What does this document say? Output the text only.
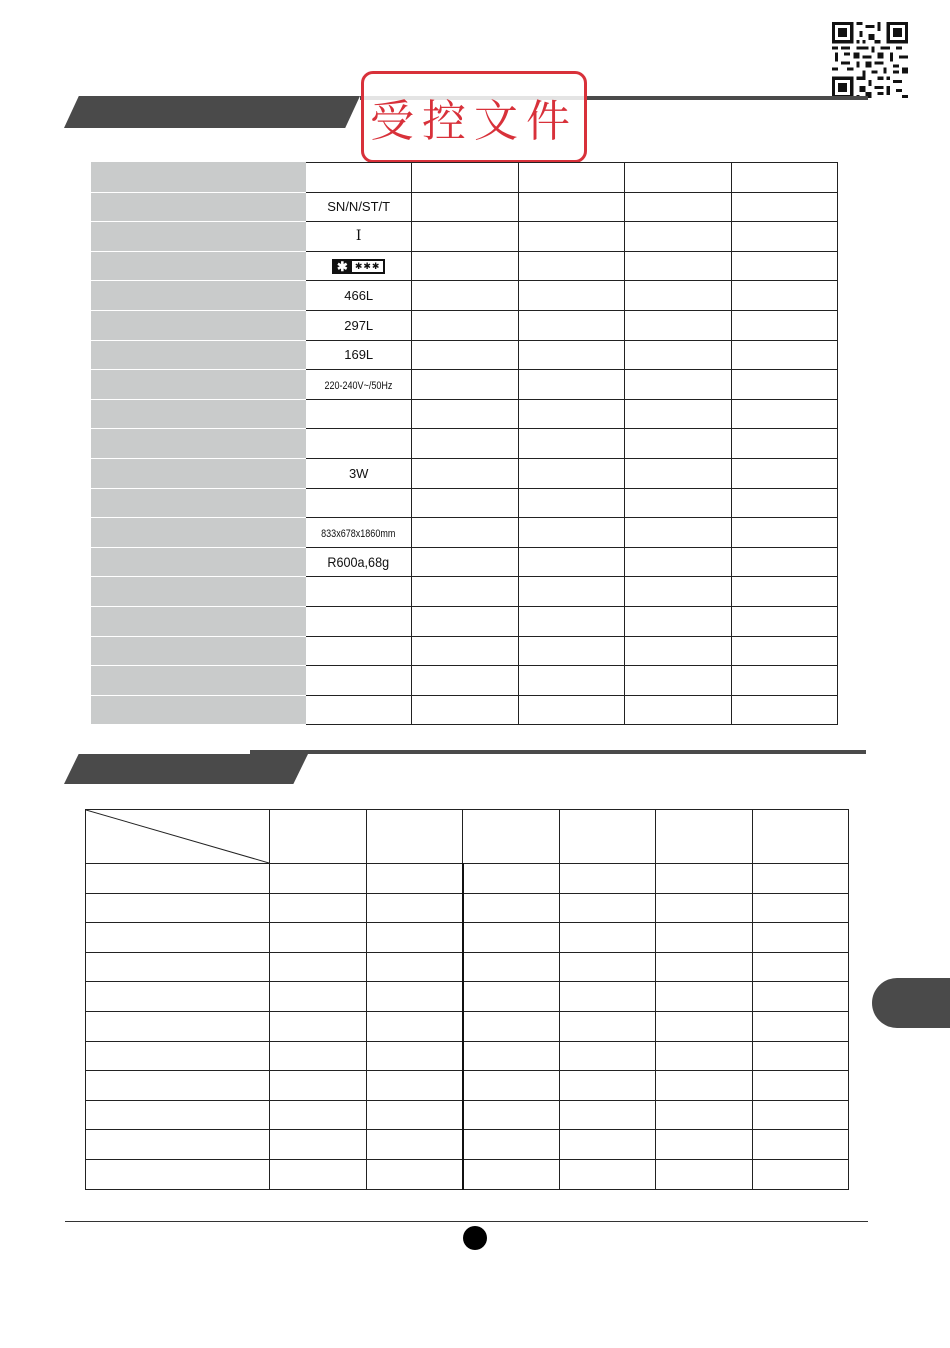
受控文件

	SN/N/ST/T				
	I				

	✱ ✱✱✱				

	466L				
	297L				
	169L				
	220-240V~/50Hz				

	3W				

	833x678x1860mm				
	R600a,68g				
